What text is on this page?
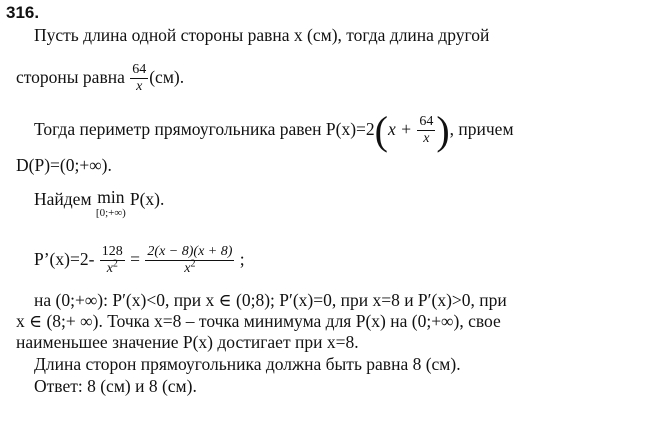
316.
Пусть длина одной стороны равна x (см), тогда длина другой
стороны равна $\frac{64}{x} (см)$.
Тогда периметр прямоугольника равен $P(x)=2(x + \frac{64}{x}$ ), причем
D(P)=(0;+∞).
Найдем min
[0;+∞)
P(x).
P’(x)=2- $\frac{128}{x^2} = \frac{2(x - 8)(x + 8)}{x^2}$ ;
на (0;+∞): P′(x)<0, при x ∈ (0;8); P′(x)=0, при x=8 и P′(x)>0, при
x ∈ (8;+ ∞). Точка x=8 – точка минимума для P(x) на (0;+∞), свое
наименьшее значение P(x) достигает при x=8.
Длина сторон прямоугольника должна быть равна 8 (см).
Ответ: 8 (см) и 8 (см).
